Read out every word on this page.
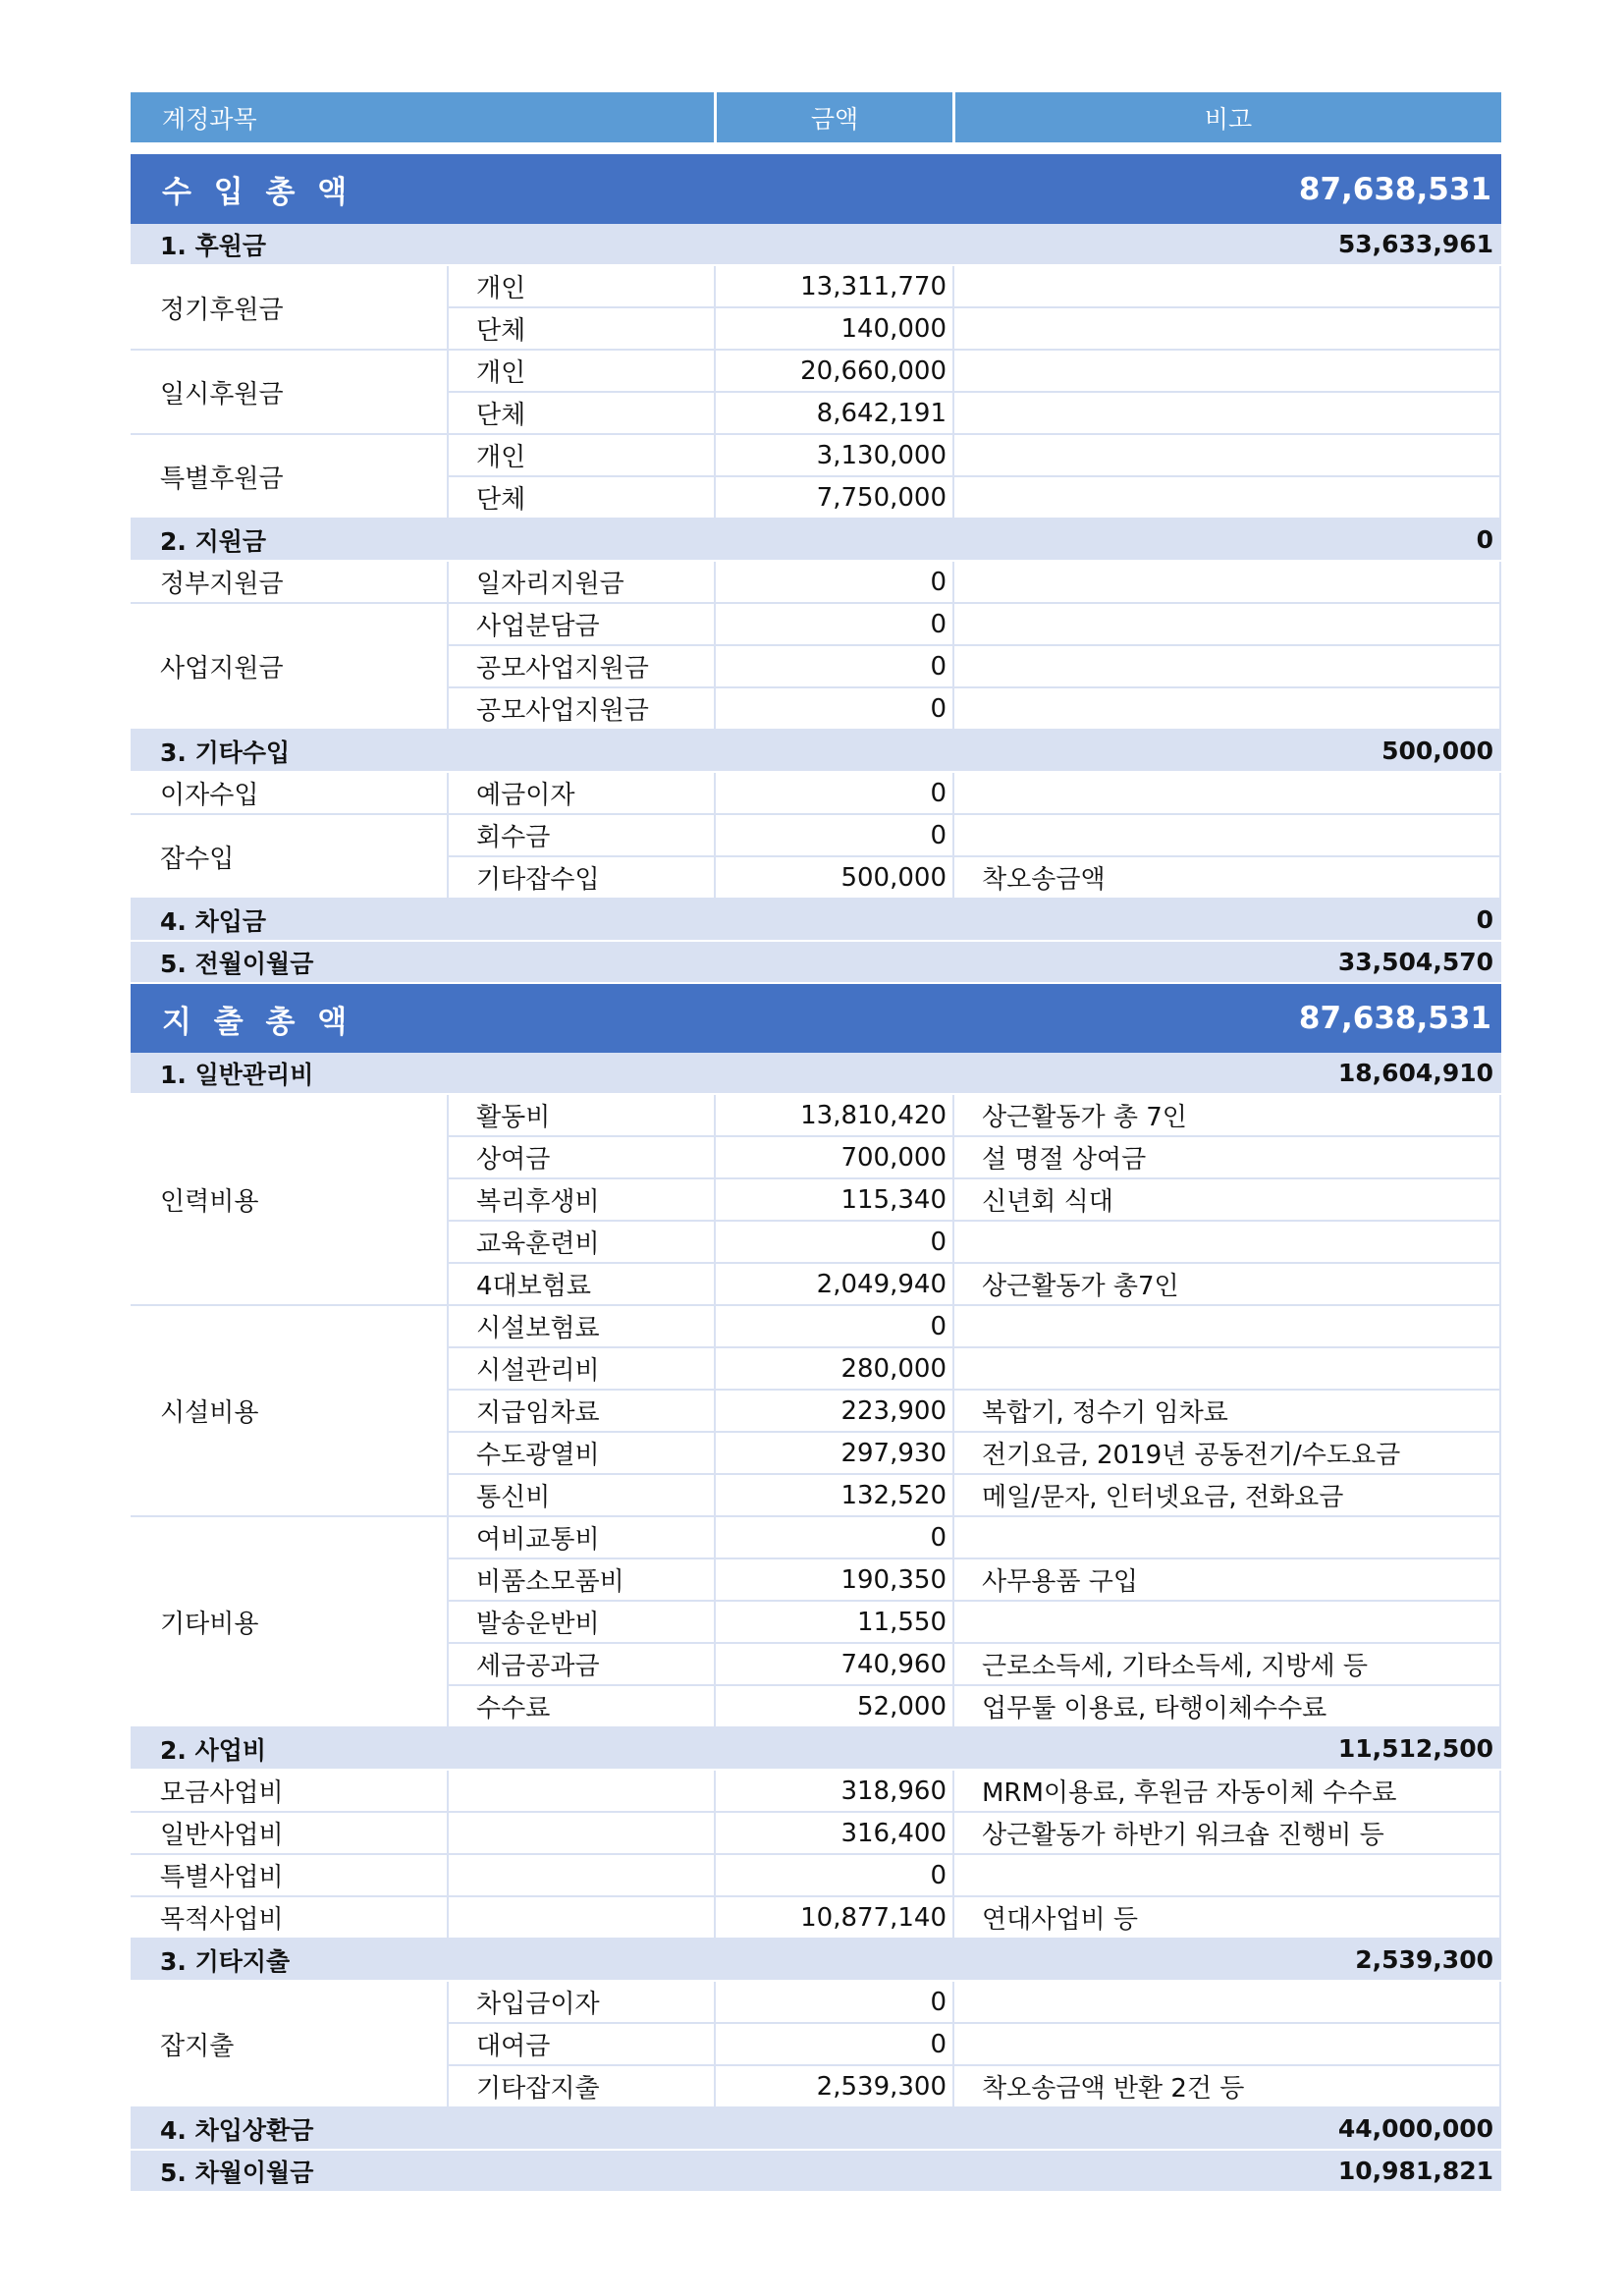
계정과목	금액	비고
수 입 총 액	87,638,531
1. 후원금	53,633,961
정기후원금
개인	13,311,770
단체	140,000
일시후원금
개인	20,660,000
단체	8,642,191
특별후원금
개인	3,130,000
단체	7,750,000
2. 지원금	0
정부지원금	일자리지원금	0
사업지원금
사업분담금	0
공모사업지원금	0
공모사업지원금	0
3. 기타수입	500,000
이자수입	예금이자	0
잡수입
회수금	0
기타잡수입	500,000	착오송금액
4. 차입금	0
5. 전월이월금	33,504,570
지 출 총 액	87,638,531
1. 일반관리비	18,604,910
인력비용
활동비	13,810,420	상근활동가 총 7인
상여금	700,000	설 명절 상여금
복리후생비	115,340	신년회 식대
교육훈련비	0
4대보험료	2,049,940	상근활동가 총7인
시설비용
시설보험료	0
시설관리비	280,000
지급임차료	223,900	복합기, 정수기 임차료
수도광열비	297,930	전기요금, 2019년 공동전기/수도요금
통신비	132,520	메일/문자, 인터넷요금, 전화요금
기타비용
여비교통비	0
비품소모품비	190,350	사무용품 구입
발송운반비	11,550
세금공과금	740,960	근로소득세, 기타소득세, 지방세 등
수수료	52,000	업무툴 이용료, 타행이체수수료
2. 사업비	11,512,500
모금사업비	318,960	MRM이용료, 후원금 자동이체 수수료
일반사업비	316,400	상근활동가 하반기 워크숍 진행비 등
특별사업비	0
목적사업비	10,877,140	연대사업비 등
3. 기타지출	2,539,300
잡지출
차입금이자	0
대여금	0
기타잡지출	2,539,300	착오송금액 반환 2건 등
4. 차입상환금	44,000,000
5. 차월이월금	10,981,821
